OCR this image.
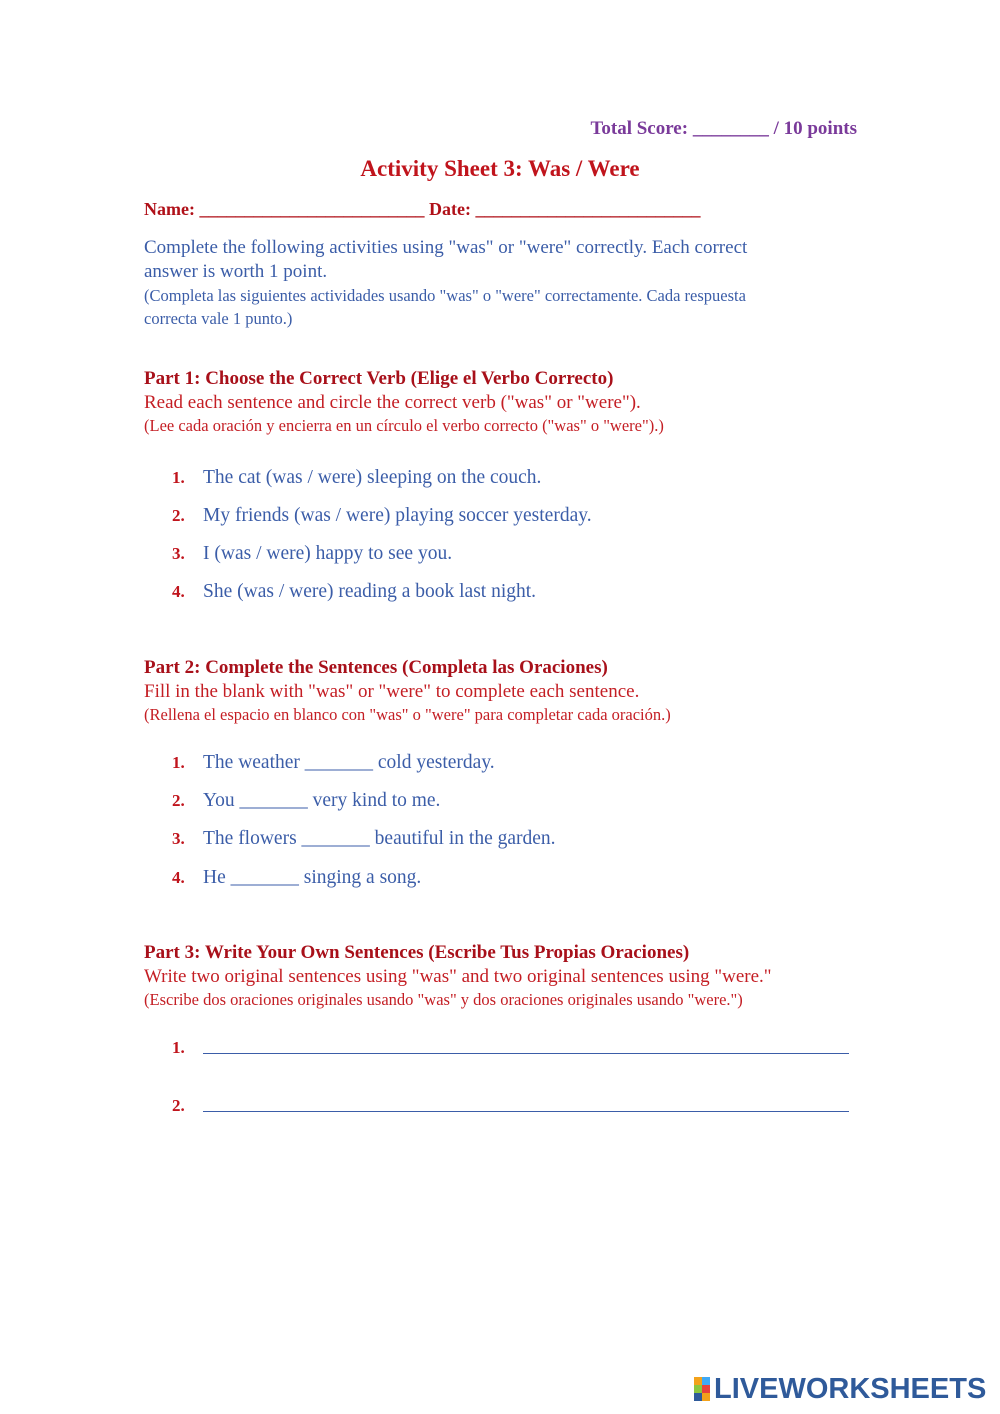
Total Score: ________ / 10 points
Activity Sheet 3: Was / Were
Name: _________________________ Date: _________________________
Complete the following activities using "was" or "were" correctly. Each correct
answer is worth 1 point.
(Completa las siguientes actividades usando "was" o "were" correctamente. Cada respuesta
correcta vale 1 punto.)
Part 1: Choose the Correct Verb (Elige el Verbo Correcto)
Read each sentence and circle the correct verb ("was" or "were").
(Lee cada oración y encierra en un círculo el verbo correcto ("was" o "were").)
1. The cat (was / were) sleeping on the couch.
2. My friends (was / were) playing soccer yesterday.
3. I (was / were) happy to see you.
4. She (was / were) reading a book last night.
Part 2: Complete the Sentences (Completa las Oraciones)
Fill in the blank with "was" or "were" to complete each sentence.
(Rellena el espacio en blanco con "was" o "were" para completar cada oración.)
1. The weather _______ cold yesterday.
2. You _______ very kind to me.
3. The flowers _______ beautiful in the garden.
4. He _______ singing a song.
Part 3: Write Your Own Sentences (Escribe Tus Propias Oraciones)
Write two original sentences using "was" and two original sentences using "were."
(Escribe dos oraciones originales usando "was" y dos oraciones originales usando "were.")
1.
2.
LIVEWORKSHEETS
